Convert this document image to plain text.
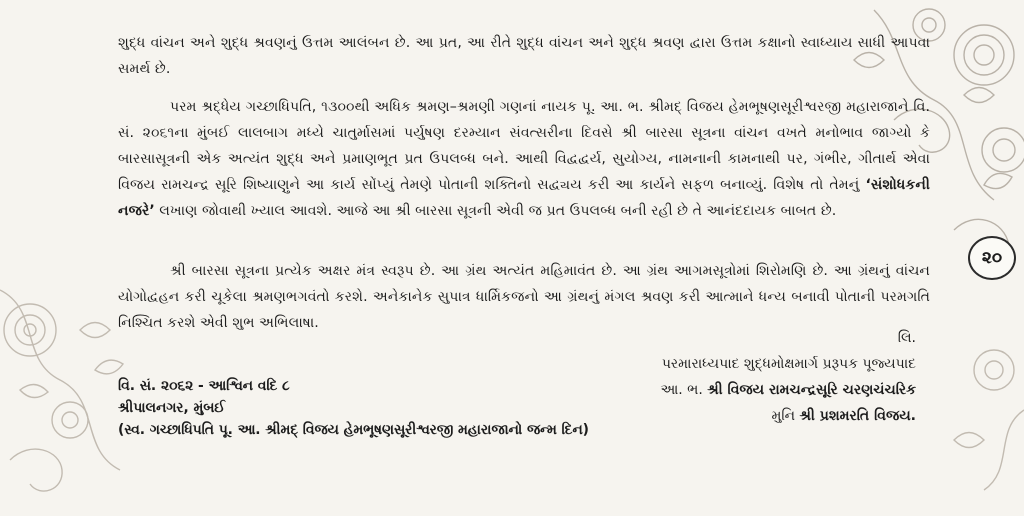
૨૦

શુદ્ધ વાંચન અને શુદ્ધ શ્રવણનું ઉત્તમ આલંબન છે. આ પ્રત, આ રીતે શુદ્ધ વાંચન અને શુદ્ધ શ્રવણ દ્વારા ઉત્તમ કક્ષાનો સ્વાધ્યાય સાધી આપવા સમર્થ છે.

પરમ શ્રદ્ધેય ગચ્છાધિપતિ, ૧૩૦૦થી અધિક શ્રમણ–શ્રમણી ગણનાં નાયક પૂ. આ. ભ. શ્રીમદ્ વિજય હેમભૂષણસૂરીશ્વરજી મહારાજાને વિ. સં. ૨૦૬૧ના મુંબઈ લાલબાગ મધ્યે ચાતુર્માસમાં પર્યુષણ દરમ્યાન સંવત્સરીના દિવસે શ્રી બારસા સૂત્રના વાંચન વખતે મનોભાવ જાગ્યો કે બારસાસૂત્રની એક અત્યંત શુદ્ધ અને પ્રમાણભૂત પ્રત ઉપલબ્ધ બને. આથી વિદ્વદ્વર્ય, સુયોગ્ય, નામનાની કામનાથી પર, ગંભીર, ગીતાર્થ એવા વિજય રામચન્દ્ર સૂરિ શિષ્યાણુને આ કાર્ય સોંપ્યું તેમણે પોતાની શક્તિનો સદ્વ્યય કરી આ કાર્યને સફળ બનાવ્યું. વિશેષ તો તેમનું ‘સંશોધકની નજરે’ લખાણ જોવાથી ખ્યાલ આવશે. આજે આ શ્રી બારસા સૂત્રની એવી જ પ્રત ઉપલબ્ધ બની રહી છે તે આનંદદાયક બાબત છે.

શ્રી બારસા સૂત્રના પ્રત્યેક અક્ષર મંત્ર સ્વરૂપ છે. આ ગ્રંથ અત્યંત મહિમાવંત છે. આ ગ્રંથ આગમસૂત્રોમાં શિરોમણિ છે. આ ગ્રંથનું વાંચન યોગોદ્વહન કરી ચૂકેલા શ્રમણભગવંતો કરશે. અનેકાનેક સુપાત્ર ધાર્મિકજનો આ ગ્રંથનું મંગલ શ્રવણ કરી આત્માને ધન્ય બનાવી પોતાની પરમગતિ નિશ્ચિત કરશે એવી શુભ અભિલાષા.

લિ.
પરમારાધ્યપાદ શુદ્ધમોક્ષમાર્ગ પ્રરૂપક પૂજ્યપાદ
આ. ભ. શ્રી વિજય રામચન્દ્રસૂરિ ચરણચંચરિક
મુનિ શ્રી પ્રશમરતિ વિજય.
વિ. સં. ૨૦૬૨ - આશ્વિન વદિ ૮
શ્રીપાલનગર, મુંબઈ
(સ્વ. ગચ્છાધિપતિ પૂ. આ. શ્રીમદ્ વિજય હેમભૂષણસૂરીશ્વરજી મહારાજાનો જન્મ દિન)
